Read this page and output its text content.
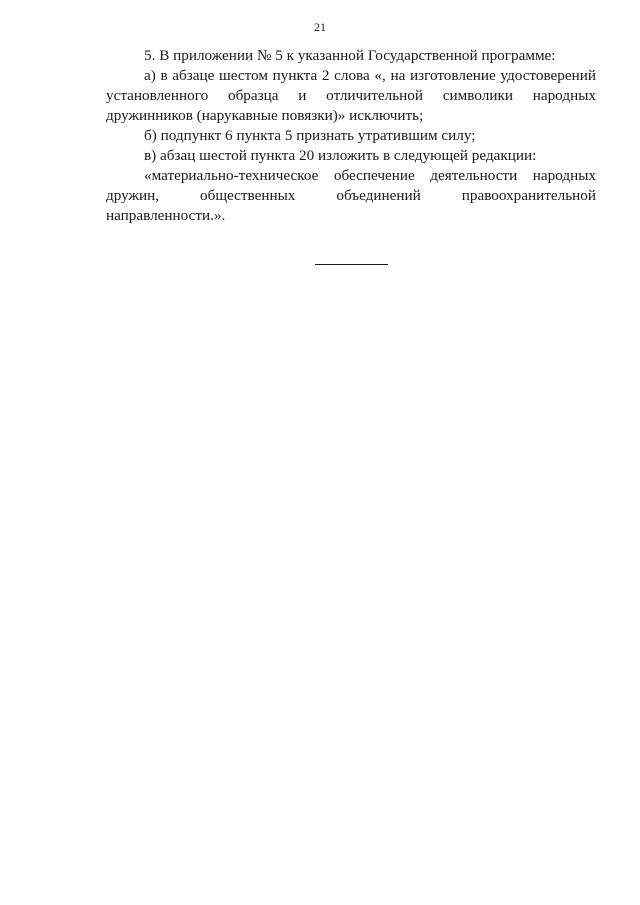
21

5. В приложении № 5 к указанной Государственной программе:

а) в абзаце шестом пункта 2 слова «, на изготовление удостоверений установленного образца и отличительной символики народных дружинников (нарукавные повязки)» исключить;

б) подпункт 6 пункта 5 признать утратившим силу;

в) абзац шестой пункта 20 изложить в следующей редакции:

«материально-техническое обеспечение деятельности народных дружин, общественных объединений правоохранительной направленности.».
